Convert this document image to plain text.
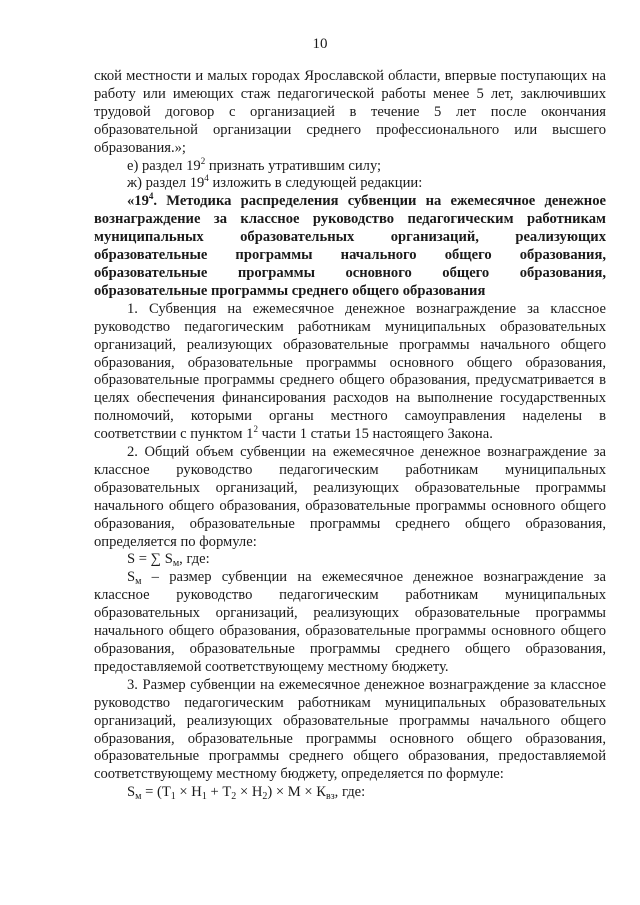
10

ской местности и малых городах Ярославской области, впервые поступающих на работу или имеющих стаж педагогической работы менее 5 лет, заключивших трудовой договор с организацией в течение 5 лет после окончания образовательной организации среднего профессионального или высшего образования.»;

е) раздел $19^2$ признать утратившим силу;

ж) раздел $19^4$ изложить в следующей редакции:

«$19^4$. Методика распределения субвенции на ежемесячное денежное вознаграждение за классное руководство педагогическим работникам муниципальных образовательных организаций, реализующих образовательные программы начального общего образования, образовательные программы основного общего образования, образовательные программы среднего общего образования

1. Субвенция на ежемесячное денежное вознаграждение за классное руководство педагогическим работникам муниципальных образовательных организаций, реализующих образовательные программы начального общего образования, образовательные программы основного общего образования, образовательные программы среднего общего образования, предусматривается в целях обеспечения финансирования расходов на выполнение государственных полномочий, которыми органы местного самоуправления наделены в соответствии с пунктом $1^2$ части 1 статьи 15 настоящего Закона.

2. Общий объем субвенции на ежемесячное денежное вознаграждение за классное руководство педагогическим работникам муниципальных образовательных организаций, реализующих образовательные программы начального общего образования, образовательные программы основного общего образования, образовательные программы среднего общего образования, определяется по формуле:

S = ∑ $S_м$, где:

$S_м$ – размер субвенции на ежемесячное денежное вознаграждение за классное руководство педагогическим работникам муниципальных образовательных организаций, реализующих образовательные программы начального общего образования, образовательные программы основного общего образования, образовательные программы среднего общего образования, предоставляемой соответствующему местному бюджету.

3. Размер субвенции на ежемесячное денежное вознаграждение за классное руководство педагогическим работникам муниципальных образовательных организаций, реализующих образовательные программы начального общего образования, образовательные программы основного общего образования, образовательные программы среднего общего образования, предоставляемой соответствующему местному бюджету, определяется по формуле:

$S_м = (Т_1 \times Н_1 + Т_2 \times Н_2) \times М \times К_{вз}$, где:
